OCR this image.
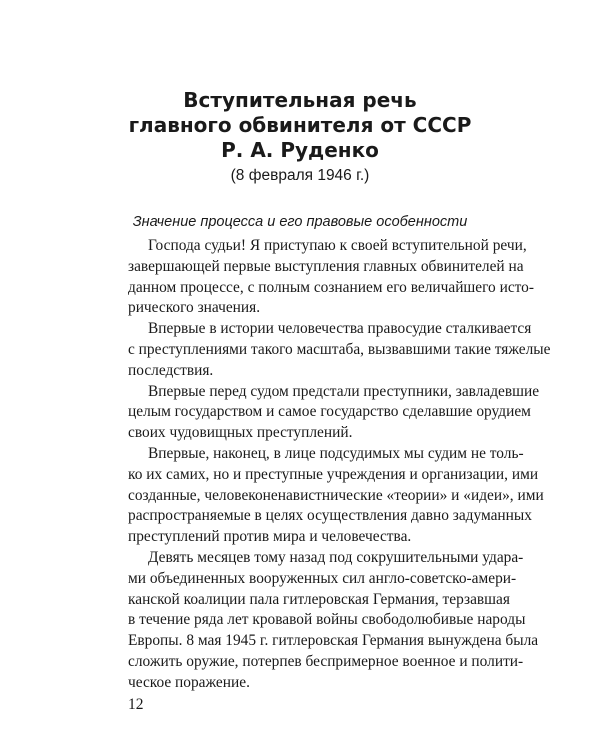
Вступительная речь
главного обвинителя от СССР
Р. А. Руденко
(8 февраля 1946 г.)
Значение процесса и его правовые особенности

Господа судьи! Я приступаю к своей вступительной речи,
завершающей первые выступления главных обвинителей на
данном процессе, с полным сознанием его величайшего исто-
рического значения.

Впервые в истории человечества правосудие сталкивается
с преступлениями такого масштаба, вызвавшими такие тяжелые
последствия.

Впервые перед судом предстали преступники, завладевшие
целым государством и самое государство сделавшие орудием
своих чудовищных преступлений.

Впервые, наконец, в лице подсудимых мы судим не толь-
ко их самих, но и преступные учреждения и организации, ими
созданные, человеконенавистнические «теории» и «идеи», ими
распространяемые в целях осуществления давно задуманных
преступлений против мира и человечества.

Девять месяцев тому назад под сокрушительными удара-
ми объединенных вооруженных сил англо-советско-амери-
канской коалиции пала гитлеровская Германия, терзавшая
в течение ряда лет кровавой войны свободолюбивые народы
Европы. 8 мая 1945 г. гитлеровская Германия вынуждена была
сложить оружие, потерпев беспримерное военное и полити-
ческое поражение.

12
